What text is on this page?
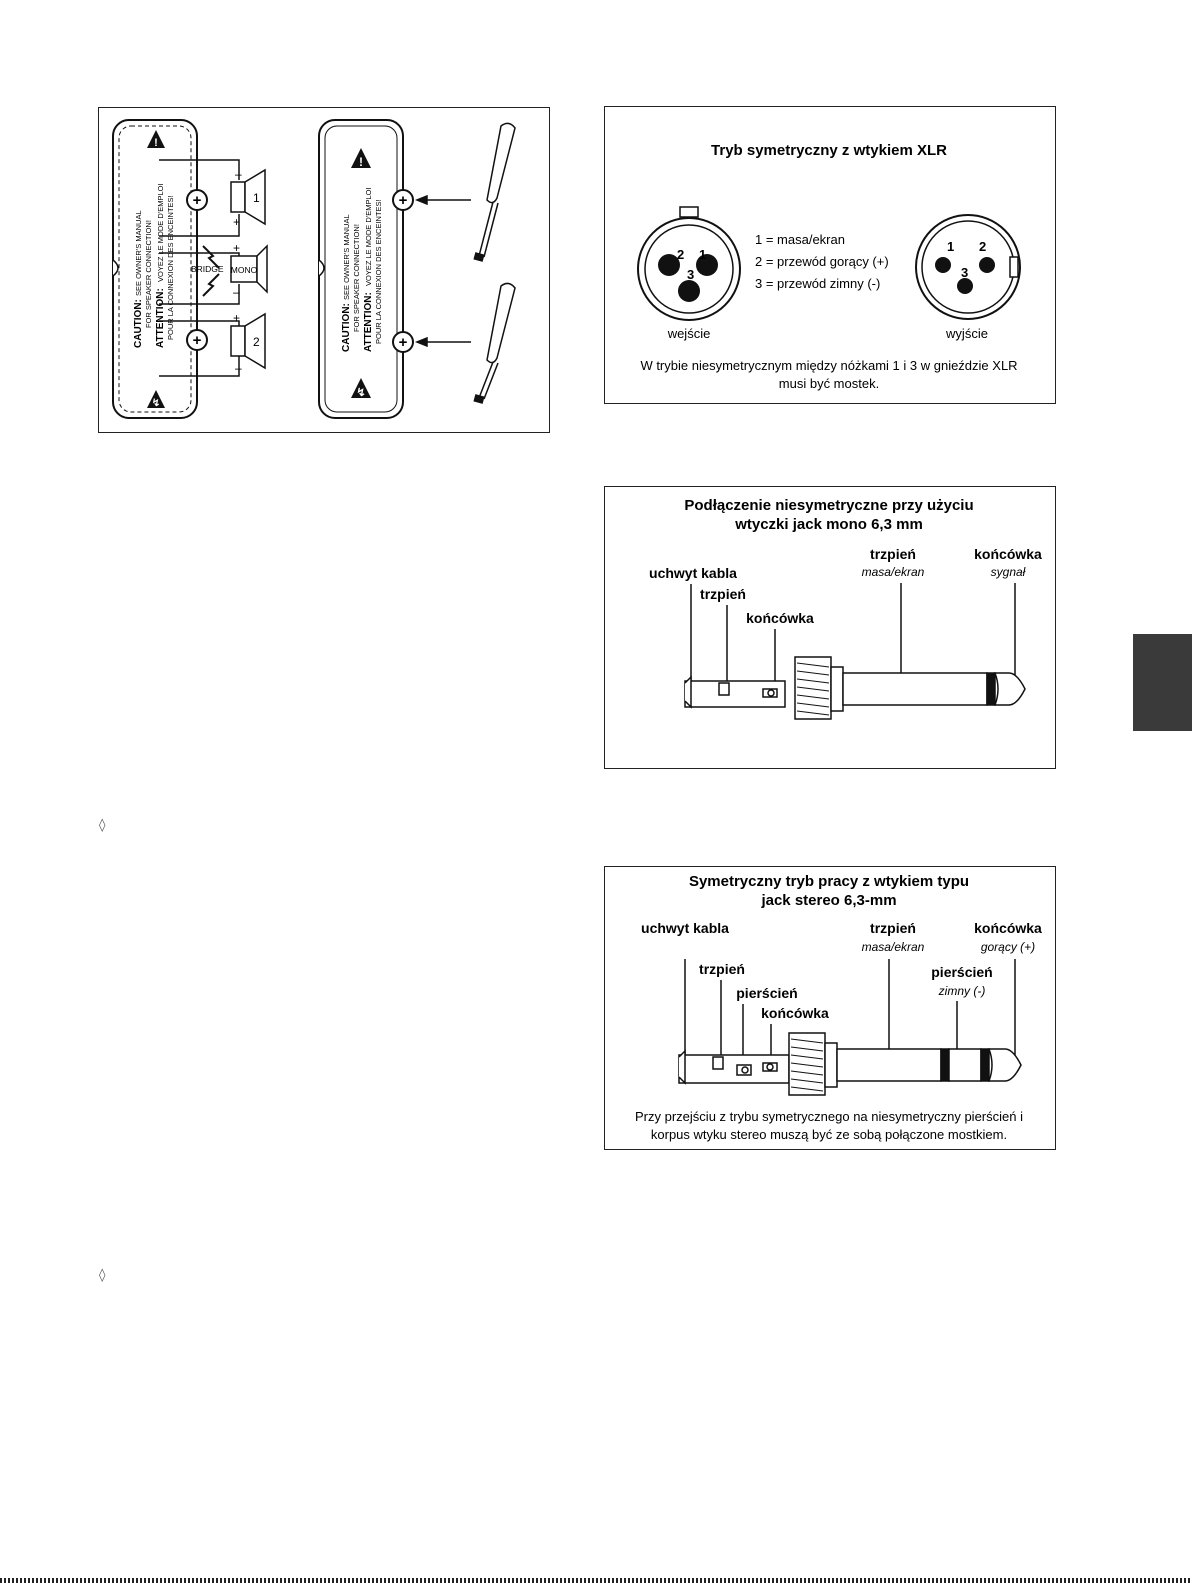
!
↯
CAUTION:
SEE OWNER'S MANUAL FOR SPEAKER CONNECTION! ATTENTION:
VOYEZ LE MODE D'EMPLOI POUR LA CONNEXION DES ENCEINTES! +
+
1
–
+
MONO
+
–
BRIDGE
2
+
–
!
↯
CAUTION:
SEE OWNER'S MANUAL FOR SPEAKER CONNECTION! ATTENTION:
VOYEZ LE MODE D'EMPLOI POUR LA CONNEXION DES ENCEINTES! +
+
Tryb symetryczny z wtykiem XLR
2 1
3
wejście
1 = masa/ekran
2 = przewód gorący (+)
3 = przewód zimny (-)
1 2
3
wyjście
W trybie niesymetrycznym między nóżkami 1 i 3 w gnieździe XLR
musi być mostek.
Podłączenie niesymetryczne przy użyciu
wtyczki jack mono 6,3 mm
uchwyt kabla
trzpień
końcówka
trzpień
masa/ekran
końcówka
sygnał
Symetryczny tryb pracy z wtykiem typu
jack stereo 6,3-mm
uchwyt kabla
trzpień
pierścień
końcówka
trzpień
masa/ekran
pierścień
zimny (-)
końcówka
gorący (+)
Przy przejściu z trybu symetrycznego na niesymetryczny pierścień i
korpus wtyku stereo muszą być ze sobą połączone mostkiem.
◊
◊
